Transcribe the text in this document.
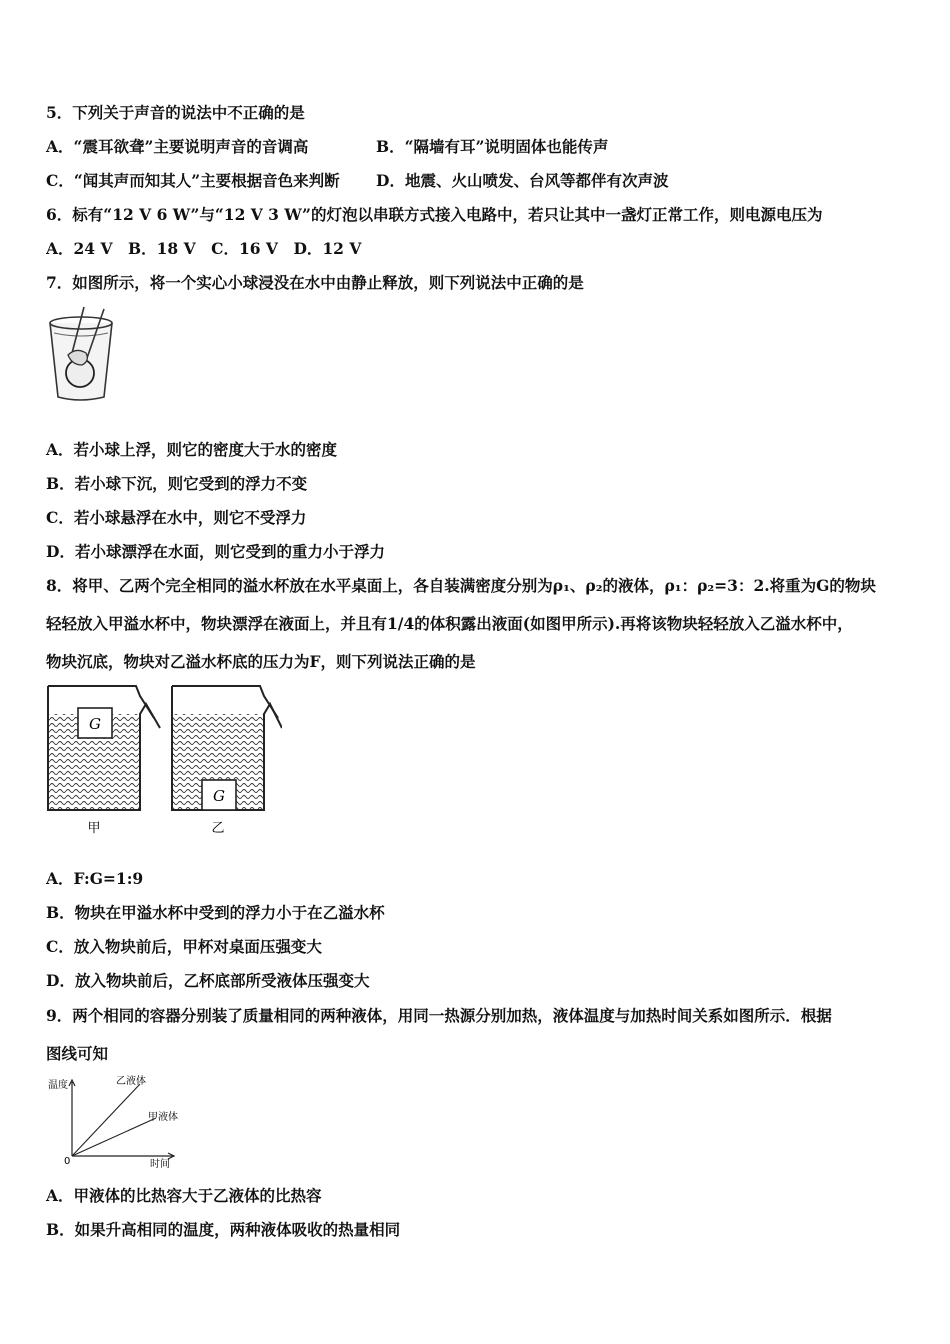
5．下列关于声音的说法中不正确的是
A．“震耳欲聋”主要说明声音的音调高	B．“隔墙有耳”说明固体也能传声
C．“闻其声而知其人”主要根据音色来判断 D．地震、火山喷发、台风等都伴有次声波
6．标有“12 V 6 W”与“12 V 3 W”的灯泡以串联方式接入电路中，若只让其中一盏灯正常工作，则电源电压为
A．24 V　B．18 V　C．16 V　D．12 V
7．如图所示，将一个实心小球浸没在水中由静止释放，则下列说法中正确的是
A．若小球上浮，则它的密度大于水的密度
B．若小球下沉，则它受到的浮力不变
C．若小球悬浮在水中，则它不受浮力
D．若小球漂浮在水面，则它受到的重力小于浮力
8．将甲、乙两个完全相同的溢水杯放在水平桌面上，各自装满密度分别为ρ₁、ρ₂的液体，ρ₁：ρ₂=3：2.将重为G的物块
轻轻放入甲溢水杯中，物块漂浮在液面上，并且有1/4的体积露出液面(如图甲所示).再将该物块轻轻放入乙溢水杯中，
物块沉底，物块对乙溢水杯底的压力为F，则下列说法正确的是
G
G
甲	乙
A．F:G=1:9
B．物块在甲溢水杯中受到的浮力小于在乙溢水杯
C．放入物块前后，甲杯对桌面压强变大
D．放入物块前后，乙杯底部所受液体压强变大
9．两个相同的容器分别装了质量相同的两种液体，用同一热源分别加热，液体温度与加热时间关系如图所示．根据
图线可知
温度
时间
0
乙液体
甲液体
A．甲液体的比热容大于乙液体的比热容
B．如果升高相同的温度，两种液体吸收的热量相同
